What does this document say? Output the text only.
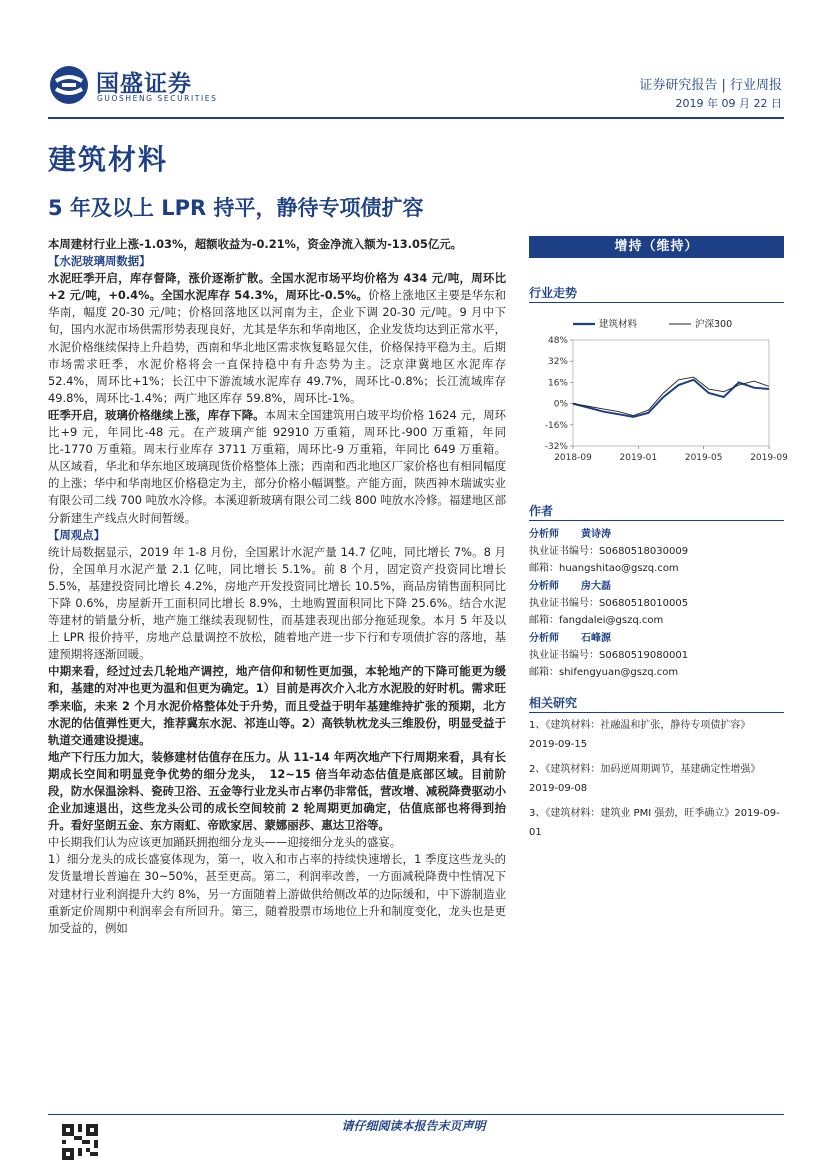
国盛证券
GUOSHENG SECURITIES
证券研究报告 | 行业周报
2019 年 09 月 22 日
建筑材料
5 年及以上 LPR 持平，静待专项债扩容

本周建材行业上涨-1.03%，超额收益为-0.21%，资金净流入额为-13.05亿元。

【水泥玻璃周数据】

水泥旺季开启，库存督降，涨价逐渐扩散。全国水泥市场平均价格为 434 元/吨，周环比+2 元/吨，+0.4%。全国水泥库存 54.3%，周环比-0.5%。价格上涨地区主要是华东和华南，幅度 20-30 元/吨；价格回落地区以河南为主，企业下调 20-30 元/吨。9 月中下旬，国内水泥市场供需形势表现良好，尤其是华东和华南地区，企业发货均达到正常水平，水泥价格继续保持上升趋势，西南和华北地区需求恢复略显欠佳，价格保持平稳为主。后期市场需求旺季，水泥价格将会一直保持稳中有升态势为主。泛京津冀地区水泥库存 52.4%，周环比+1%；长江中下游流域水泥库存 49.7%，周环比-0.8%；长江流域库存 49.8%，周环比-1.4%；两广地区库存 59.8%，周环比-1%。

旺季开启，玻璃价格继续上涨，库存下降。本周末全国建筑用白玻平均价格 1624 元，周环比+9 元，年同比-48 元。在产玻璃产能 92910 万重箱，周环比-900 万重箱，年同比-1770 万重箱。周末行业库存 3711 万重箱，周环比-9 万重箱，年同比 649 万重箱。从区域看，华北和华东地区玻璃现货价格整体上涨；西南和西北地区厂家价格也有相同幅度的上涨；华中和华南地区价格稳定为主，部分价格小幅调整。产能方面，陕西神木瑞诚实业有限公司二线 700 吨放水冷修。本溪迎新玻璃有限公司二线 800 吨放水冷修。福建地区部分新建生产线点火时间暂缓。

【周观点】

统计局数据显示，2019 年 1-8 月份，全国累计水泥产量 14.7 亿吨，同比增长 7%。8 月份，全国单月水泥产量 2.1 亿吨，同比增长 5.1%。前 8 个月，固定资产投资同比增长 5.5%，基建投资同比增长 4.2%，房地产开发投资同比增长 10.5%，商品房销售面积同比下降 0.6%，房屋新开工面积同比增长 8.9%，土地购置面积同比下降 25.6%。结合水泥等建材的销量分析，地产施工继续表现韧性，而基建表现出部分拖延现象。本月 5 年及以上 LPR 报价持平，房地产总量调控不放松，随着地产进一步下行和专项债扩容的落地，基建预期将逐渐回暖。

中期来看，经过过去几轮地产调控，地产信仰和韧性更加强，本轮地产的下降可能更为缓和，基建的对冲也更为温和但更为确定。1）目前是再次介入北方水泥股的好时机。需求旺季来临，未来 2 个月水泥价格整体处于升势，而且受益于明年基建维持扩张的预期，北方水泥的估值弹性更大，推荐冀东水泥、祁连山等。2）高铁轨枕龙头三维股份，明显受益于轨道交通建设提速。

地产下行压力加大，装修建材估值存在压力。从 11-14 年两次地产下行周期来看，具有长期成长空间和明显竞争优势的细分龙头，　12~15 倍当年动态估值是底部区域。目前阶段，防水保温涂料、瓷砖卫浴、五金等行业龙头市占率仍非常低，营改增、减税降费驱动小企业加速退出，这些龙头公司的成长空间较前 2 轮周期更加确定，估值底部也将得到抬升。看好坚朗五金、东方雨虹、帝欧家居、蒙娜丽莎、惠达卫浴等。

中长期我们认为应该更加踊跃拥抱细分龙头——迎接细分龙头的盛宴。

1）细分龙头的成长盛宴体现为，第一，收入和市占率的持续快速增长，1 季度这些龙头的发货量增长普遍在 30~50%，甚至更高。第二，利润率改善，一方面减税降费中性情况下对建材行业利润提升大约 8%，另一方面随着上游做供给侧改革的边际缓和，中下游制造业重新定价周期中利润率会有所回升。第三，随着股票市场地位上升和制度变化，龙头也是更加受益的，例如

增持（维持）
行业走势
48%
32%
16%
0%
-16%
-32%
2018-09	2019-01	2019-05	2019-09
建筑材料	沪深300
作者
分析师 黄诗涛
执业证书编号：S0680518030009
邮箱：huangshitao@gszq.com
分析师 房大磊
执业证书编号：S0680518010005
邮箱：fangdalei@gszq.com
分析师 石峰源
执业证书编号：S0680519080001
邮箱：shifengyuan@gszq.com
相关研究
1、《建筑材料：社融温和扩张，静待专项债扩容》
2019-09-15
2、《建筑材料：加码逆周期调节，基建确定性增强》
2019-09-08
3、《建筑材料：建筑业 PMI 强劲，旺季确立》2019-09-01
请仔细阅读本报告末页声明
